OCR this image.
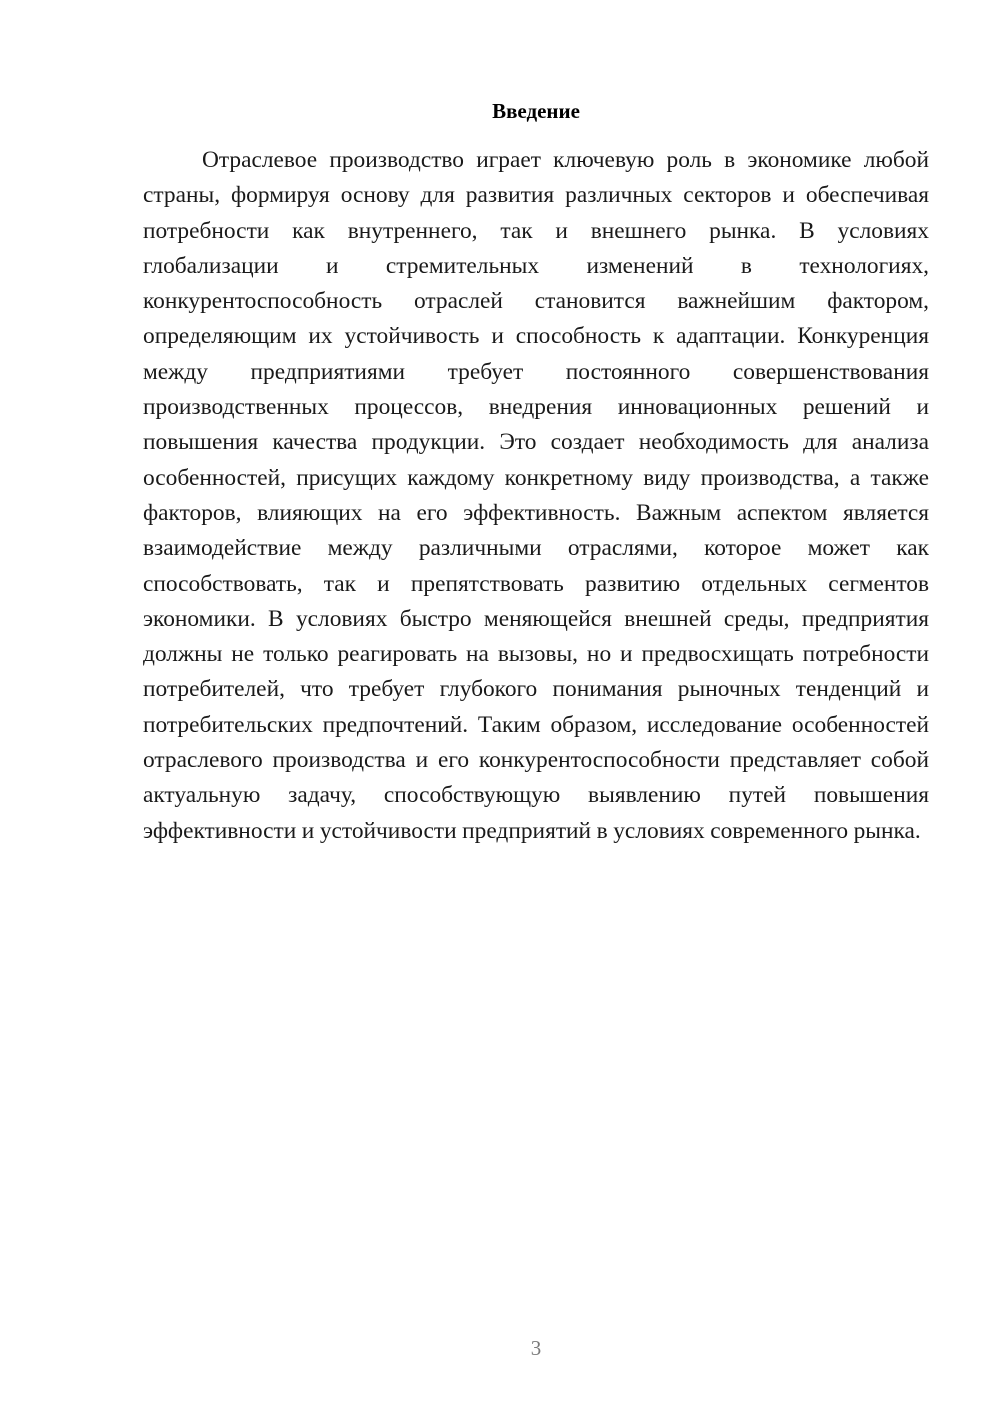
Введение

Отраслевое производство играет ключевую роль в экономике любой страны, формируя основу для развития различных секторов и обеспечивая потребности как внутреннего, так и внешнего рынка. В условиях глобализации и стремительных изменений в технологиях, конкурентоспособность отраслей становится важнейшим фактором, определяющим их устойчивость и способность к адаптации. Конкуренция между предприятиями требует постоянного совершенствования производственных процессов, внедрения инновационных решений и повышения качества продукции. Это создает необходимость для анализа особенностей, присущих каждому конкретному виду производства, а также факторов, влияющих на его эффективность. Важным аспектом является взаимодействие между различными отраслями, которое может как способствовать, так и препятствовать развитию отдельных сегментов экономики. В условиях быстро меняющейся внешней среды, предприятия должны не только реагировать на вызовы, но и предвосхищать потребности потребителей, что требует глубокого понимания рыночных тенденций и потребительских предпочтений. Таким образом, исследование особенностей отраслевого производства и его конкурентоспособности представляет собой актуальную задачу, способствующую выявлению путей повышения эффективности и устойчивости предприятий в условиях современного рынка.

3
